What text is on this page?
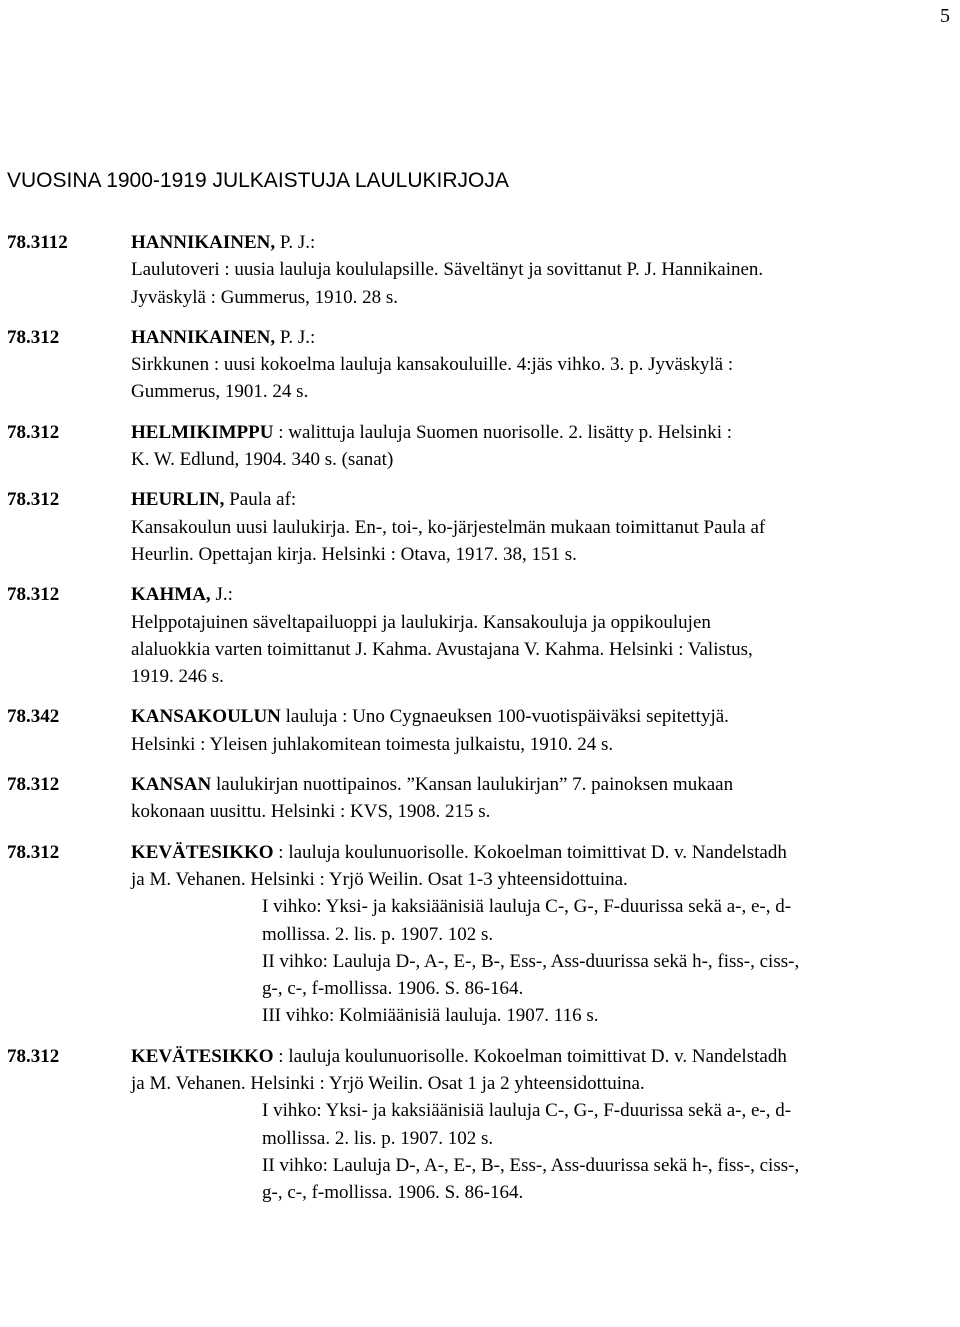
5
VUOSINA 1900-1919 JULKAISTUJA LAULUKIRJOJA
78.3112	HANNIKAINEN, P. J.:
Laulutoveri : uusia lauluja koululapsille. Säveltänyt ja sovittanut P. J. Hannikainen.
Jyväskylä : Gummerus, 1910. 28 s.
78.312	HANNIKAINEN, P. J.:
Sirkkunen : uusi kokoelma lauluja kansakouluille. 4:jäs vihko. 3. p. Jyväskylä :
Gummerus, 1901. 24 s.
78.312	HELMIKIMPPU : walittuja lauluja Suomen nuorisolle. 2. lisätty p. Helsinki :
K. W. Edlund, 1904. 340 s. (sanat)
78.312	HEURLIN, Paula af:
Kansakoulun uusi laulukirja. En-, toi-, ko-järjestelmän mukaan toimittanut Paula af
Heurlin. Opettajan kirja. Helsinki : Otava, 1917. 38, 151 s.
78.312	KAHMA, J.:
Helppotajuinen säveltapailuoppi ja laulukirja. Kansakouluja ja oppikoulujen
alaluokkia varten toimittanut J. Kahma. Avustajana V. Kahma. Helsinki : Valistus,
1919. 246 s.
78.342	KANSAKOULUN lauluja : Uno Cygnaeuksen 100-vuotispäiväksi sepitettyjä.
Helsinki : Yleisen juhlakomitean toimesta julkaistu, 1910. 24 s.
78.312	KANSAN laulukirjan nuottipainos. ”Kansan laulukirjan” 7. painoksen mukaan
kokonaan uusittu. Helsinki : KVS, 1908. 215 s.
78.312	KEVÄTESIKKO : lauluja koulunuorisolle. Kokoelman toimittivat D. v. Nandelstadh
ja M. Vehanen. Helsinki : Yrjö Weilin. Osat 1-3 yhteensidottuina.
I vihko: Yksi- ja kaksiäänisiä lauluja C-, G-, F-duurissa sekä a-, e-, d-
mollissa. 2. lis. p. 1907. 102 s.
II vihko: Lauluja D-, A-, E-, B-, Ess-, Ass-duurissa sekä h-, fiss-, ciss-,
g-, c-, f-mollissa. 1906. S. 86-164.
III vihko: Kolmiäänisiä lauluja. 1907. 116 s.
78.312	KEVÄTESIKKO : lauluja koulunuorisolle. Kokoelman toimittivat D. v. Nandelstadh
ja M. Vehanen. Helsinki : Yrjö Weilin. Osat 1 ja 2 yhteensidottuina.
I vihko: Yksi- ja kaksiäänisiä lauluja C-, G-, F-duurissa sekä a-, e-, d-
mollissa. 2. lis. p. 1907. 102 s.
II vihko: Lauluja D-, A-, E-, B-, Ess-, Ass-duurissa sekä h-, fiss-, ciss-,
g-, c-, f-mollissa. 1906. S. 86-164.
